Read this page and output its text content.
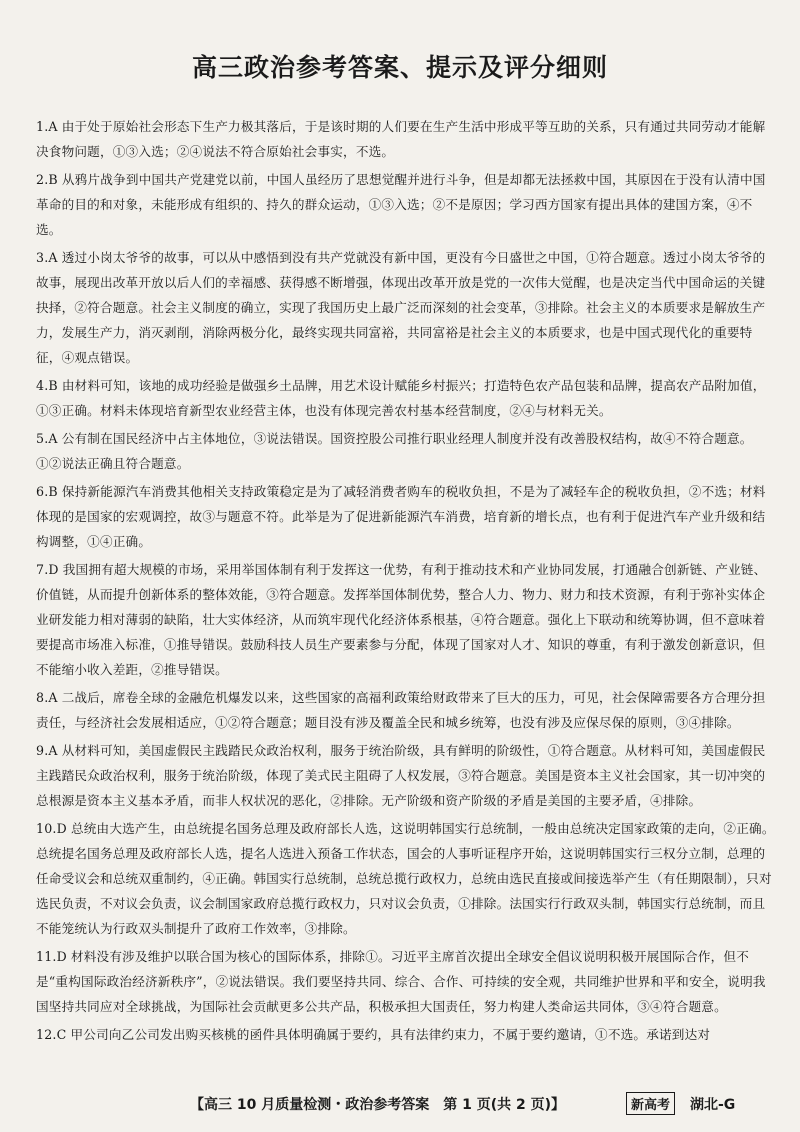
高三政治参考答案、提示及评分细则
1.A 由于处于原始社会形态下生产力极其落后，于是该时期的人们要在生产生活中形成平等互助的关系，只有通过共同劳动才能解决食物问题，①③入选；②④说法不符合原始社会事实，不选。
2.B 从鸦片战争到中国共产党建党以前，中国人虽经历了思想觉醒并进行斗争，但是却都无法拯救中国，其原因在于没有认清中国革命的目的和对象，未能形成有组织的、持久的群众运动，①③入选；②不是原因；学习西方国家有提出具体的建国方案，④不选。
3.A 透过小岗太爷爷的故事，可以从中感悟到没有共产党就没有新中国，更没有今日盛世之中国，①符合题意。透过小岗太爷爷的故事，展现出改革开放以后人们的幸福感、获得感不断增强，体现出改革开放是党的一次伟大觉醒，也是决定当代中国命运的关键抉择，②符合题意。社会主义制度的确立，实现了我国历史上最广泛而深刻的社会变革，③排除。社会主义的本质要求是解放生产力，发展生产力，消灭剥削，消除两极分化，最终实现共同富裕，共同富裕是社会主义的本质要求，也是中国式现代化的重要特征，④观点错误。
4.B 由材料可知，该地的成功经验是做强乡土品牌，用艺术设计赋能乡村振兴；打造特色农产品包装和品牌，提高农产品附加值，①③正确。材料未体现培育新型农业经营主体，也没有体现完善农村基本经营制度，②④与材料无关。
5.A 公有制在国民经济中占主体地位，③说法错误。国资控股公司推行职业经理人制度并没有改善股权结构，故④不符合题意。①②说法正确且符合题意。
6.B 保持新能源汽车消费其他相关支持政策稳定是为了减轻消费者购车的税收负担，不是为了减轻车企的税收负担，②不选；材料体现的是国家的宏观调控，故③与题意不符。此举是为了促进新能源汽车消费，培育新的增长点，也有利于促进汽车产业升级和结构调整，①④正确。
7.D 我国拥有超大规模的市场，采用举国体制有利于发挥这一优势，有利于推动技术和产业协同发展，打通融合创新链、产业链、价值链，从而提升创新体系的整体效能，③符合题意。发挥举国体制优势，整合人力、物力、财力和技术资源，有利于弥补实体企业研发能力相对薄弱的缺陷，壮大实体经济，从而筑牢现代化经济体系根基，④符合题意。强化上下联动和统筹协调，但不意味着要提高市场准入标准，①推导错误。鼓励科技人员生产要素参与分配，体现了国家对人才、知识的尊重，有利于激发创新意识，但不能缩小收入差距，②推导错误。
8.A 二战后，席卷全球的金融危机爆发以来，这些国家的高福利政策给财政带来了巨大的压力，可见，社会保障需要各方合理分担责任，与经济社会发展相适应，①②符合题意；题目没有涉及覆盖全民和城乡统筹，也没有涉及应保尽保的原则，③④排除。
9.A 从材料可知，美国虚假民主践踏民众政治权利，服务于统治阶级，具有鲜明的阶级性，①符合题意。从材料可知，美国虚假民主践踏民众政治权利，服务于统治阶级，体现了美式民主阻碍了人权发展，③符合题意。美国是资本主义社会国家，其一切冲突的总根源是资本主义基本矛盾，而非人权状况的恶化，②排除。无产阶级和资产阶级的矛盾是美国的主要矛盾，④排除。
10.D 总统由大选产生，由总统提名国务总理及政府部长人选，这说明韩国实行总统制，一般由总统决定国家政策的走向，②正确。总统提名国务总理及政府部长人选，提名人选进入预备工作状态，国会的人事听证程序开始，这说明韩国实行三权分立制，总理的任命受议会和总统双重制约，④正确。韩国实行总统制，总统总揽行政权力，总统由选民直接或间接选举产生（有任期限制），只对选民负责，不对议会负责，议会制国家政府总揽行政权力，只对议会负责，①排除。法国实行行政双头制，韩国实行总统制，而且不能笼统认为行政双头制提升了政府工作效率，③排除。
11.D 材料没有涉及维护以联合国为核心的国际体系，排除①。习近平主席首次提出全球安全倡议说明积极开展国际合作，但不是“重构国际政治经济新秩序”，②说法错误。我们要坚持共同、综合、合作、可持续的安全观，共同维护世界和平和安全，说明我国坚持共同应对全球挑战，为国际社会贡献更多公共产品，积极承担大国责任，努力构建人类命运共同体，③④符合题意。
12.C 甲公司向乙公司发出购买核桃的函件具体明确属于要约，具有法律约束力，不属于要约邀请，①不选。承诺到达对
【高三 10 月质量检测・政治参考答案　第 1 页(共 2 页)】	新高考	湖北-G
